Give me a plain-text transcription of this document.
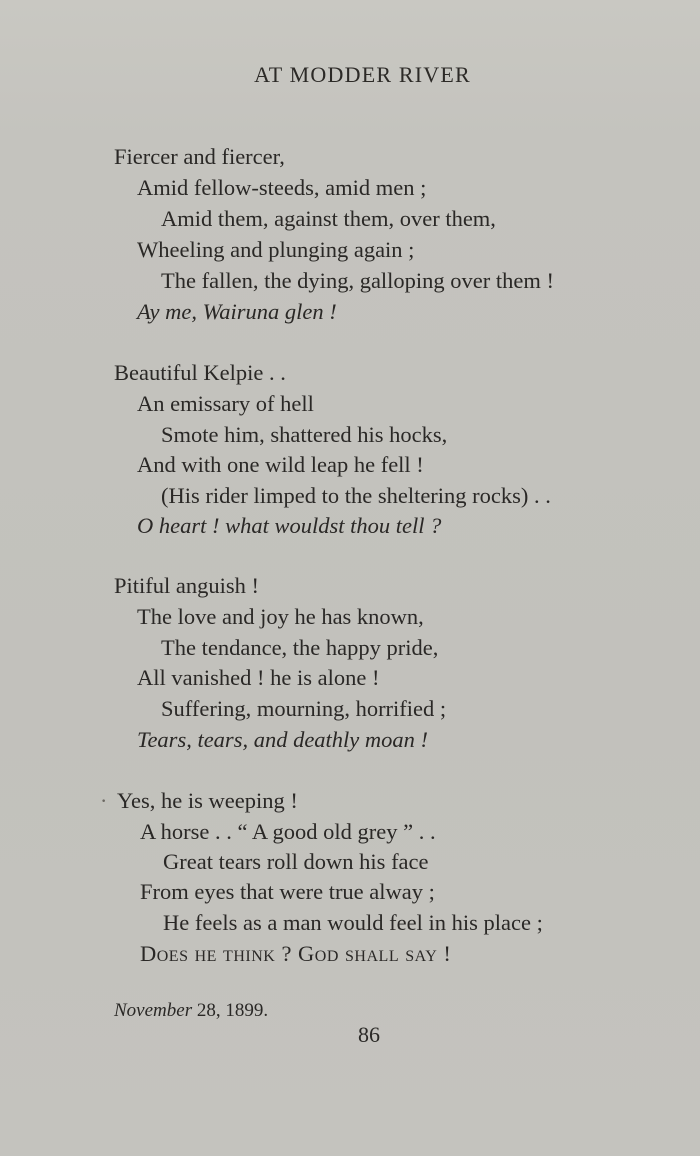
AT MODDER RIVER
Fiercer and fiercer,
Amid fellow-steeds, amid men ;
Amid them, against them, over them,
Wheeling and plunging again ;
The fallen, the dying, galloping over them !
Ay me, Wairuna glen !
Beautiful Kelpie . .
An emissary of hell
Smote him, shattered his hocks,
And with one wild leap he fell !
(His rider limped to the sheltering rocks) . .
O heart ! what wouldst thou tell ?
Pitiful anguish !
The love and joy he has known,
The tendance, the happy pride,
All vanished ! he is alone !
Suffering, mourning, horrified ;
Tears, tears, and deathly moan !
· Yes, he is weeping !
A horse . . “ A good old grey ” . .
Great tears roll down his face
From eyes that were true alway ;
He feels as a man would feel in his place ;
Does he think ? God shall say !
November 28, 1899.
86
